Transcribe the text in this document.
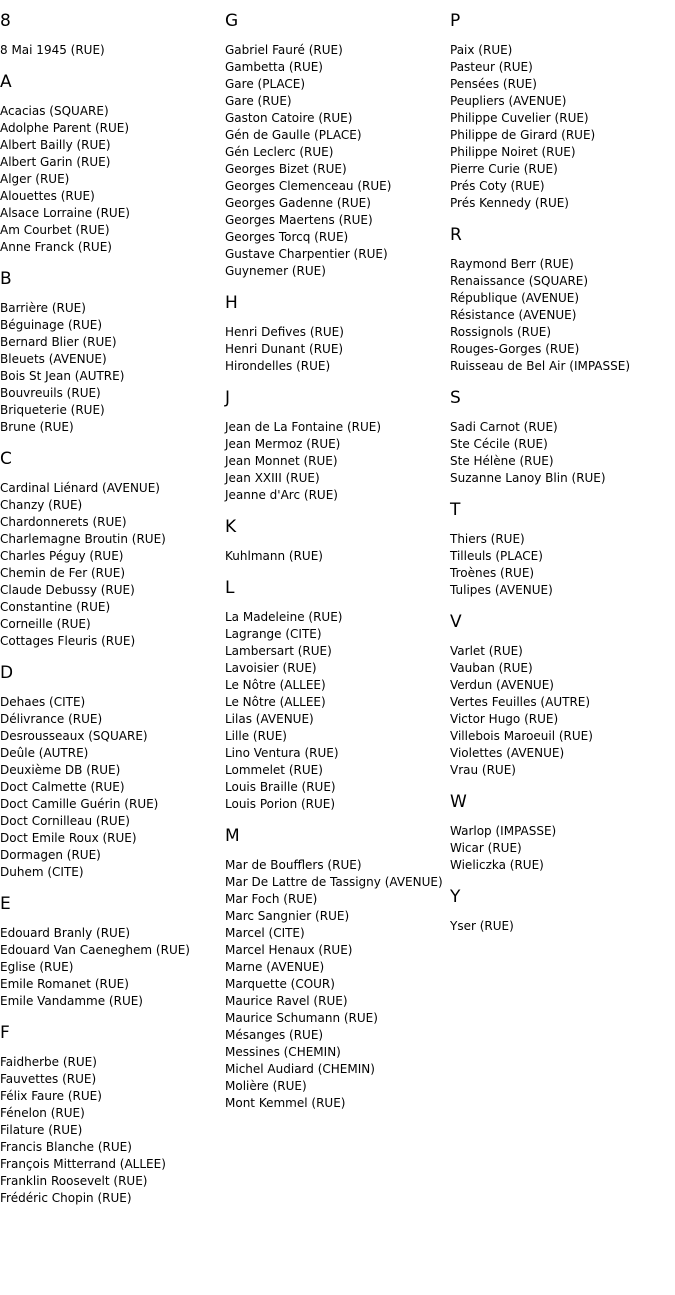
8
8 Mai 1945 (RUE)
A
Acacias (SQUARE)
Adolphe Parent (RUE)
Albert Bailly (RUE)
Albert Garin (RUE)
Alger (RUE)
Alouettes (RUE)
Alsace Lorraine (RUE)
Am Courbet (RUE)
Anne Franck (RUE)
B
Barrière (RUE)
Béguinage (RUE)
Bernard Blier (RUE)
Bleuets (AVENUE)
Bois St Jean (AUTRE)
Bouvreuils (RUE)
Briqueterie (RUE)
Brune (RUE)
C
Cardinal Liénard (AVENUE)
Chanzy (RUE)
Chardonnerets (RUE)
Charlemagne Broutin (RUE)
Charles Péguy (RUE)
Chemin de Fer (RUE)
Claude Debussy (RUE)
Constantine (RUE)
Corneille (RUE)
Cottages Fleuris (RUE)
D
Dehaes (CITE)
Délivrance (RUE)
Desrousseaux (SQUARE)
Deûle (AUTRE)
Deuxième DB (RUE)
Doct Calmette (RUE)
Doct Camille Guérin (RUE)
Doct Cornilleau (RUE)
Doct Emile Roux (RUE)
Dormagen (RUE)
Duhem (CITE)
E
Edouard Branly (RUE)
Edouard Van Caeneghem (RUE)
Eglise (RUE)
Emile Romanet (RUE)
Emile Vandamme (RUE)
F
Faidherbe (RUE)
Fauvettes (RUE)
Félix Faure (RUE)
Fénelon (RUE)
Filature (RUE)
Francis Blanche (RUE)
François Mitterrand (ALLEE)
Franklin Roosevelt (RUE)
Frédéric Chopin (RUE)
G
Gabriel Fauré (RUE)
Gambetta (RUE)
Gare (PLACE)
Gare (RUE)
Gaston Catoire (RUE)
Gén de Gaulle (PLACE)
Gén Leclerc (RUE)
Georges Bizet (RUE)
Georges Clemenceau (RUE)
Georges Gadenne (RUE)
Georges Maertens (RUE)
Georges Torcq (RUE)
Gustave Charpentier (RUE)
Guynemer (RUE)
H
Henri Defives (RUE)
Henri Dunant (RUE)
Hirondelles (RUE)
J
Jean de La Fontaine (RUE)
Jean Mermoz (RUE)
Jean Monnet (RUE)
Jean XXIII (RUE)
Jeanne d'Arc (RUE)
K
Kuhlmann (RUE)
L
La Madeleine (RUE)
Lagrange (CITE)
Lambersart (RUE)
Lavoisier (RUE)
Le Nôtre (ALLEE)
Le Nôtre (ALLEE)
Lilas (AVENUE)
Lille (RUE)
Lino Ventura (RUE)
Lommelet (RUE)
Louis Braille (RUE)
Louis Porion (RUE)
M
Mar de Boufflers (RUE)
Mar De Lattre de Tassigny (AVENUE)
Mar Foch (RUE)
Marc Sangnier (RUE)
Marcel (CITE)
Marcel Henaux (RUE)
Marne (AVENUE)
Marquette (COUR)
Maurice Ravel (RUE)
Maurice Schumann (RUE)
Mésanges (RUE)
Messines (CHEMIN)
Michel Audiard (CHEMIN)
Molière (RUE)
Mont Kemmel (RUE)
P
Paix (RUE)
Pasteur (RUE)
Pensées (RUE)
Peupliers (AVENUE)
Philippe Cuvelier (RUE)
Philippe de Girard (RUE)
Philippe Noiret (RUE)
Pierre Curie (RUE)
Prés Coty (RUE)
Prés Kennedy (RUE)
R
Raymond Berr (RUE)
Renaissance (SQUARE)
République (AVENUE)
Résistance (AVENUE)
Rossignols (RUE)
Rouges-Gorges (RUE)
Ruisseau de Bel Air (IMPASSE)
S
Sadi Carnot (RUE)
Ste Cécile (RUE)
Ste Hélène (RUE)
Suzanne Lanoy Blin (RUE)
T
Thiers (RUE)
Tilleuls (PLACE)
Troènes (RUE)
Tulipes (AVENUE)
V
Varlet (RUE)
Vauban (RUE)
Verdun (AVENUE)
Vertes Feuilles (AUTRE)
Victor Hugo (RUE)
Villebois Maroeuil (RUE)
Violettes (AVENUE)
Vrau (RUE)
W
Warlop (IMPASSE)
Wicar (RUE)
Wieliczka (RUE)
Y
Yser (RUE)
